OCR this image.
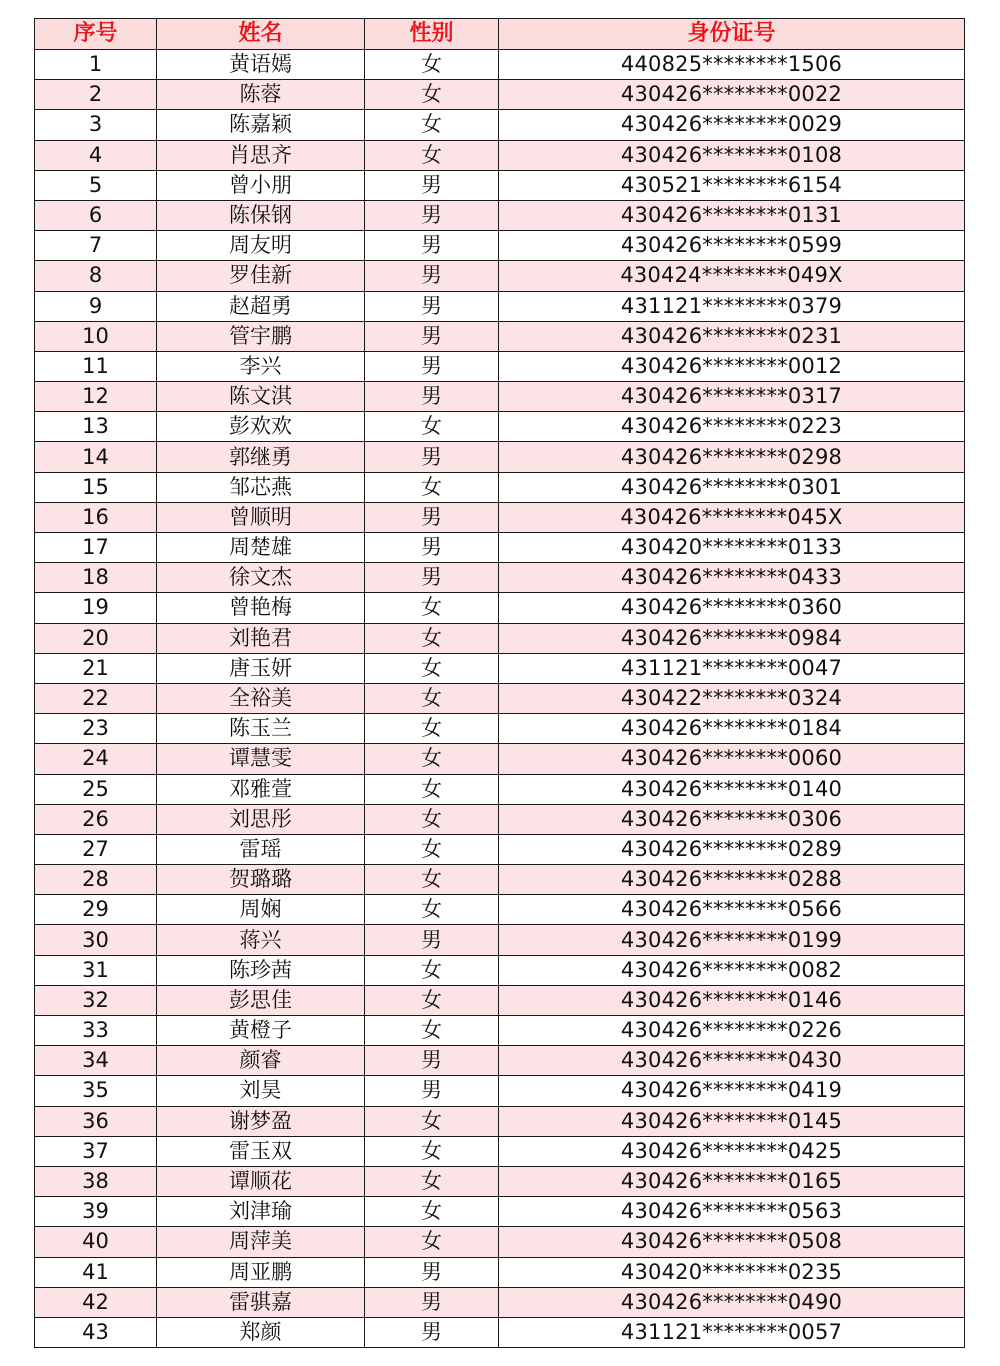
序号	姓名	性别	身份证号
1	黄语嫣	女	440825********1506
2	陈蓉	女	430426********0022
3	陈嘉颖	女	430426********0029
4	肖思齐	女	430426********0108
5	曾小朋	男	430521********6154
6	陈保钢	男	430426********0131
7	周友明	男	430426********0599
8	罗佳新	男	430424********049X
9	赵超勇	男	431121********0379
10	管宇鹏	男	430426********0231
11	李兴	男	430426********0012
12	陈文淇	男	430426********0317
13	彭欢欢	女	430426********0223
14	郭继勇	男	430426********0298
15	邹芯燕	女	430426********0301
16	曾顺明	男	430426********045X
17	周楚雄	男	430420********0133
18	徐文杰	男	430426********0433
19	曾艳梅	女	430426********0360
20	刘艳君	女	430426********0984
21	唐玉妍	女	431121********0047
22	全裕美	女	430422********0324
23	陈玉兰	女	430426********0184
24	谭慧雯	女	430426********0060
25	邓雅萱	女	430426********0140
26	刘思彤	女	430426********0306
27	雷瑶	女	430426********0289
28	贺璐璐	女	430426********0288
29	周娴	女	430426********0566
30	蒋兴	男	430426********0199
31	陈珍茜	女	430426********0082
32	彭思佳	女	430426********0146
33	黄橙子	女	430426********0226
34	颜睿	男	430426********0430
35	刘昊	男	430426********0419
36	谢梦盈	女	430426********0145
37	雷玉双	女	430426********0425
38	谭顺花	女	430426********0165
39	刘津瑜	女	430426********0563
40	周萍美	女	430426********0508
41	周亚鹏	男	430420********0235
42	雷骐嘉	男	430426********0490
43	郑颜	男	431121********0057
